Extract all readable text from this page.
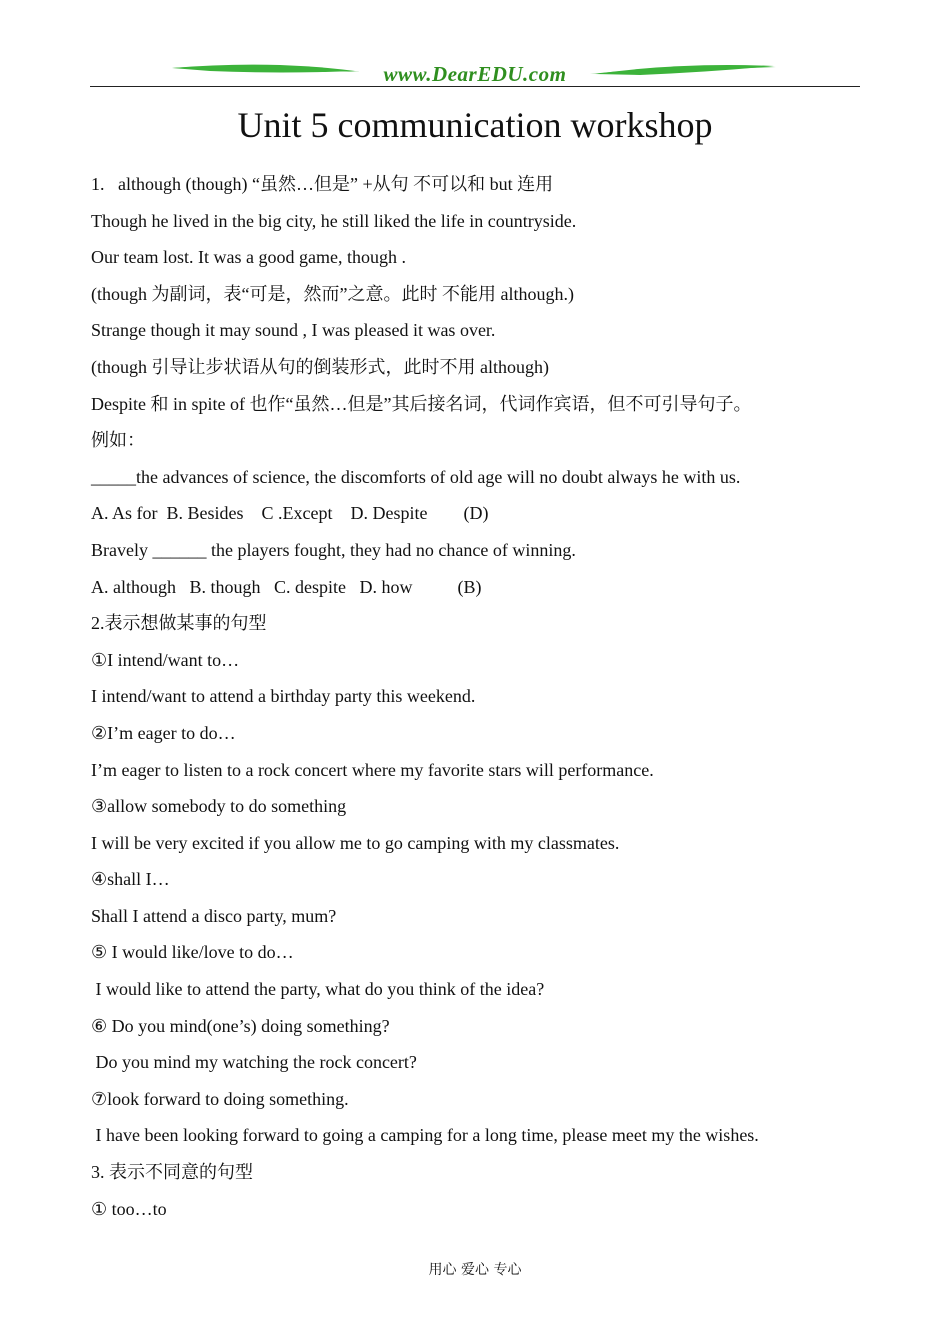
www.DearEDU.com
Unit 5 communication workshop
1.   although (though) “虽然…但是” +从句 不可以和 but 连用
Though he lived in the big city, he still liked the life in countryside.
Our team lost. It was a good game, though .
(though 为副词，表“可是，然而”之意。此时 不能用 although.)
Strange though it may sound , I was pleased it was over.
(though 引导让步状语从句的倒装形式，此时不用 although)
Despite 和 in spite of 也作“虽然…但是”其后接名词，代词作宾语，但不可引导句子。
例如：
_____the advances of science, the discomforts of old age will no doubt always he with us.
A. As for  B. Besides    C .Except    D. Despite        (D)
Bravely ______ the players fought, they had no chance of winning.
A. although   B. though   C. despite   D. how          (B)
2.表示想做某事的句型
①I intend/want to…
I intend/want to attend a birthday party this weekend.
②I’m eager to do…
I’m eager to listen to a rock concert where my favorite stars will performance.
③allow somebody to do something
I will be very excited if you allow me to go camping with my classmates.
④shall I…
Shall I attend a disco party, mum?
⑤ I would like/love to do…
I would like to attend the party, what do you think of the idea?
⑥ Do you mind(one’s) doing something?
Do you mind my watching the rock concert?
⑦look forward to doing something.
I have been looking forward to going a camping for a long time, please meet my the wishes.
3. 表示不同意的句型
① too…to
用心 爱心 专心
